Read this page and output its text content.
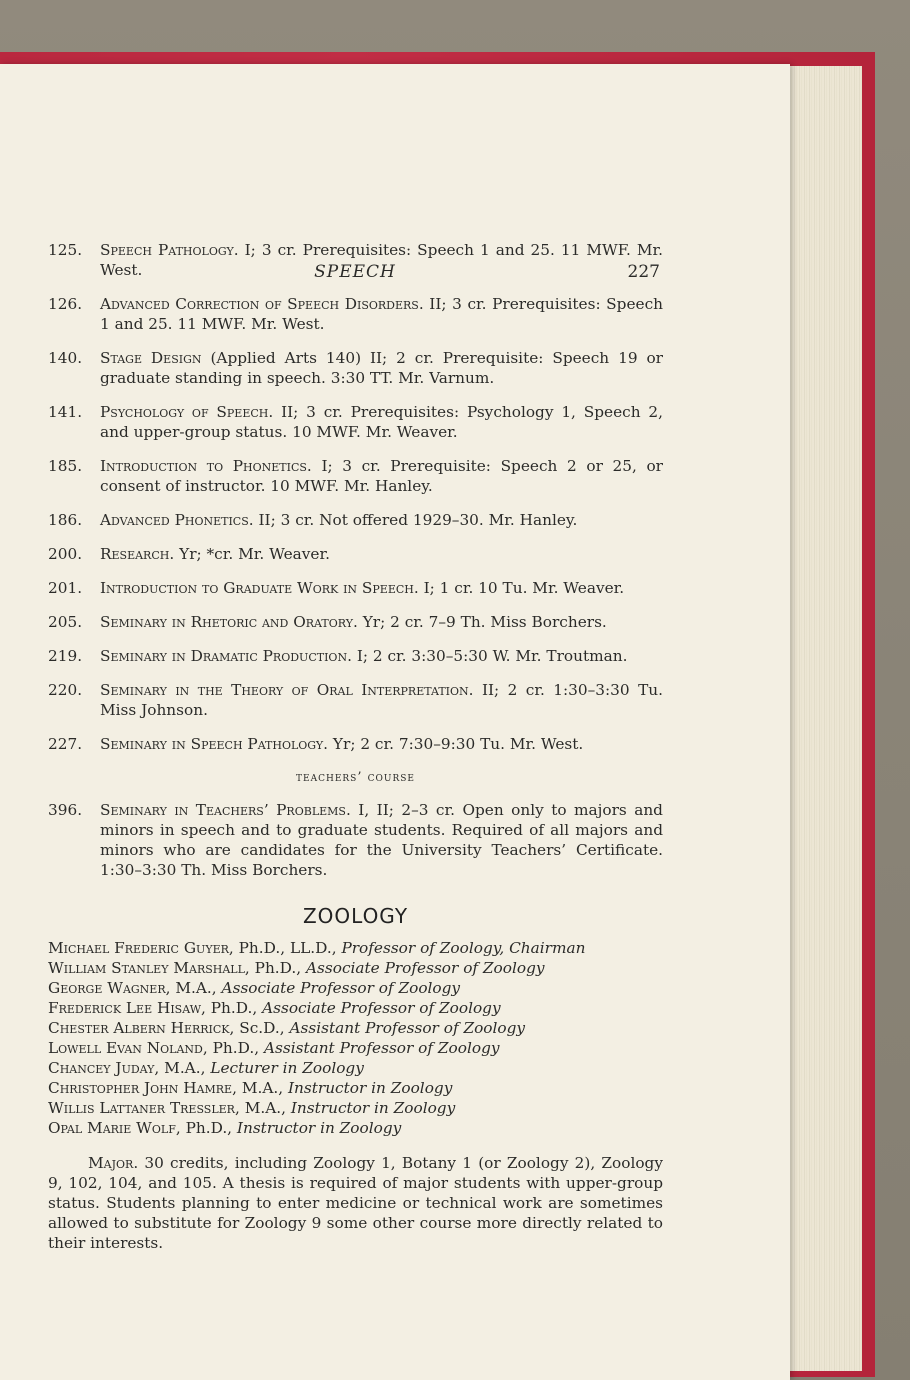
SPEECH	227
125. Speech Pathology. I; 3 cr. Prerequisites: Speech 1 and 25. 11 MWF. Mr. West.
126. Advanced Correction of Speech Disorders. II; 3 cr. Prerequisites: Speech 1 and 25. 11 MWF. Mr. West.
140. Stage Design (Applied Arts 140) II; 2 cr. Prerequisite: Speech 19 or graduate standing in speech. 3:30 TT. Mr. Varnum.
141. Psychology of Speech. II; 3 cr. Prerequisites: Psychology 1, Speech 2, and upper-group status. 10 MWF. Mr. Weaver.
185. Introduction to Phonetics. I; 3 cr. Prerequisite: Speech 2 or 25, or consent of instructor. 10 MWF. Mr. Hanley.
186. Advanced Phonetics. II; 3 cr. Not offered 1929–30. Mr. Hanley.
200. Research. Yr; *cr. Mr. Weaver.
201. Introduction to Graduate Work in Speech. I; 1 cr. 10 Tu. Mr. Weaver.
205. Seminary in Rhetoric and Oratory. Yr; 2 cr. 7–9 Th. Miss Borchers.
219. Seminary in Dramatic Production. I; 2 cr. 3:30–5:30 W. Mr. Troutman.
220. Seminary in the Theory of Oral Interpretation. II; 2 cr. 1:30–3:30 Tu. Miss Johnson.
227. Seminary in Speech Pathology. Yr; 2 cr. 7:30–9:30 Tu. Mr. West.
teachers’ course
396. Seminary in Teachers’ Problems. I, II; 2–3 cr. Open only to majors and minors in speech and to graduate students. Required of all majors and minors who are candidates for the University Teachers’ Certificate. 1:30–3:30 Th. Miss Borchers.
ZOOLOGY
Michael Frederic Guyer, Ph.D., LL.D., Professor of Zoology, Chairman
William Stanley Marshall, Ph.D., Associate Professor of Zoology
George Wagner, M.A., Associate Professor of Zoology
Frederick Lee Hisaw, Ph.D., Associate Professor of Zoology
Chester Albern Herrick, Sc.D., Assistant Professor of Zoology
Lowell Evan Noland, Ph.D., Assistant Professor of Zoology
Chancey Juday, M.A., Lecturer in Zoology
Christopher John Hamre, M.A., Instructor in Zoology
Willis Lattaner Tressler, M.A., Instructor in Zoology
Opal Marie Wolf, Ph.D., Instructor in Zoology
Major. 30 credits, including Zoology 1, Botany 1 (or Zoology 2), Zoology 9, 102, 104, and 105. A thesis is required of major students with upper-group status. Students planning to enter medicine or technical work are sometimes allowed to substitute for Zoology 9 some other course more directly related to their interests.
